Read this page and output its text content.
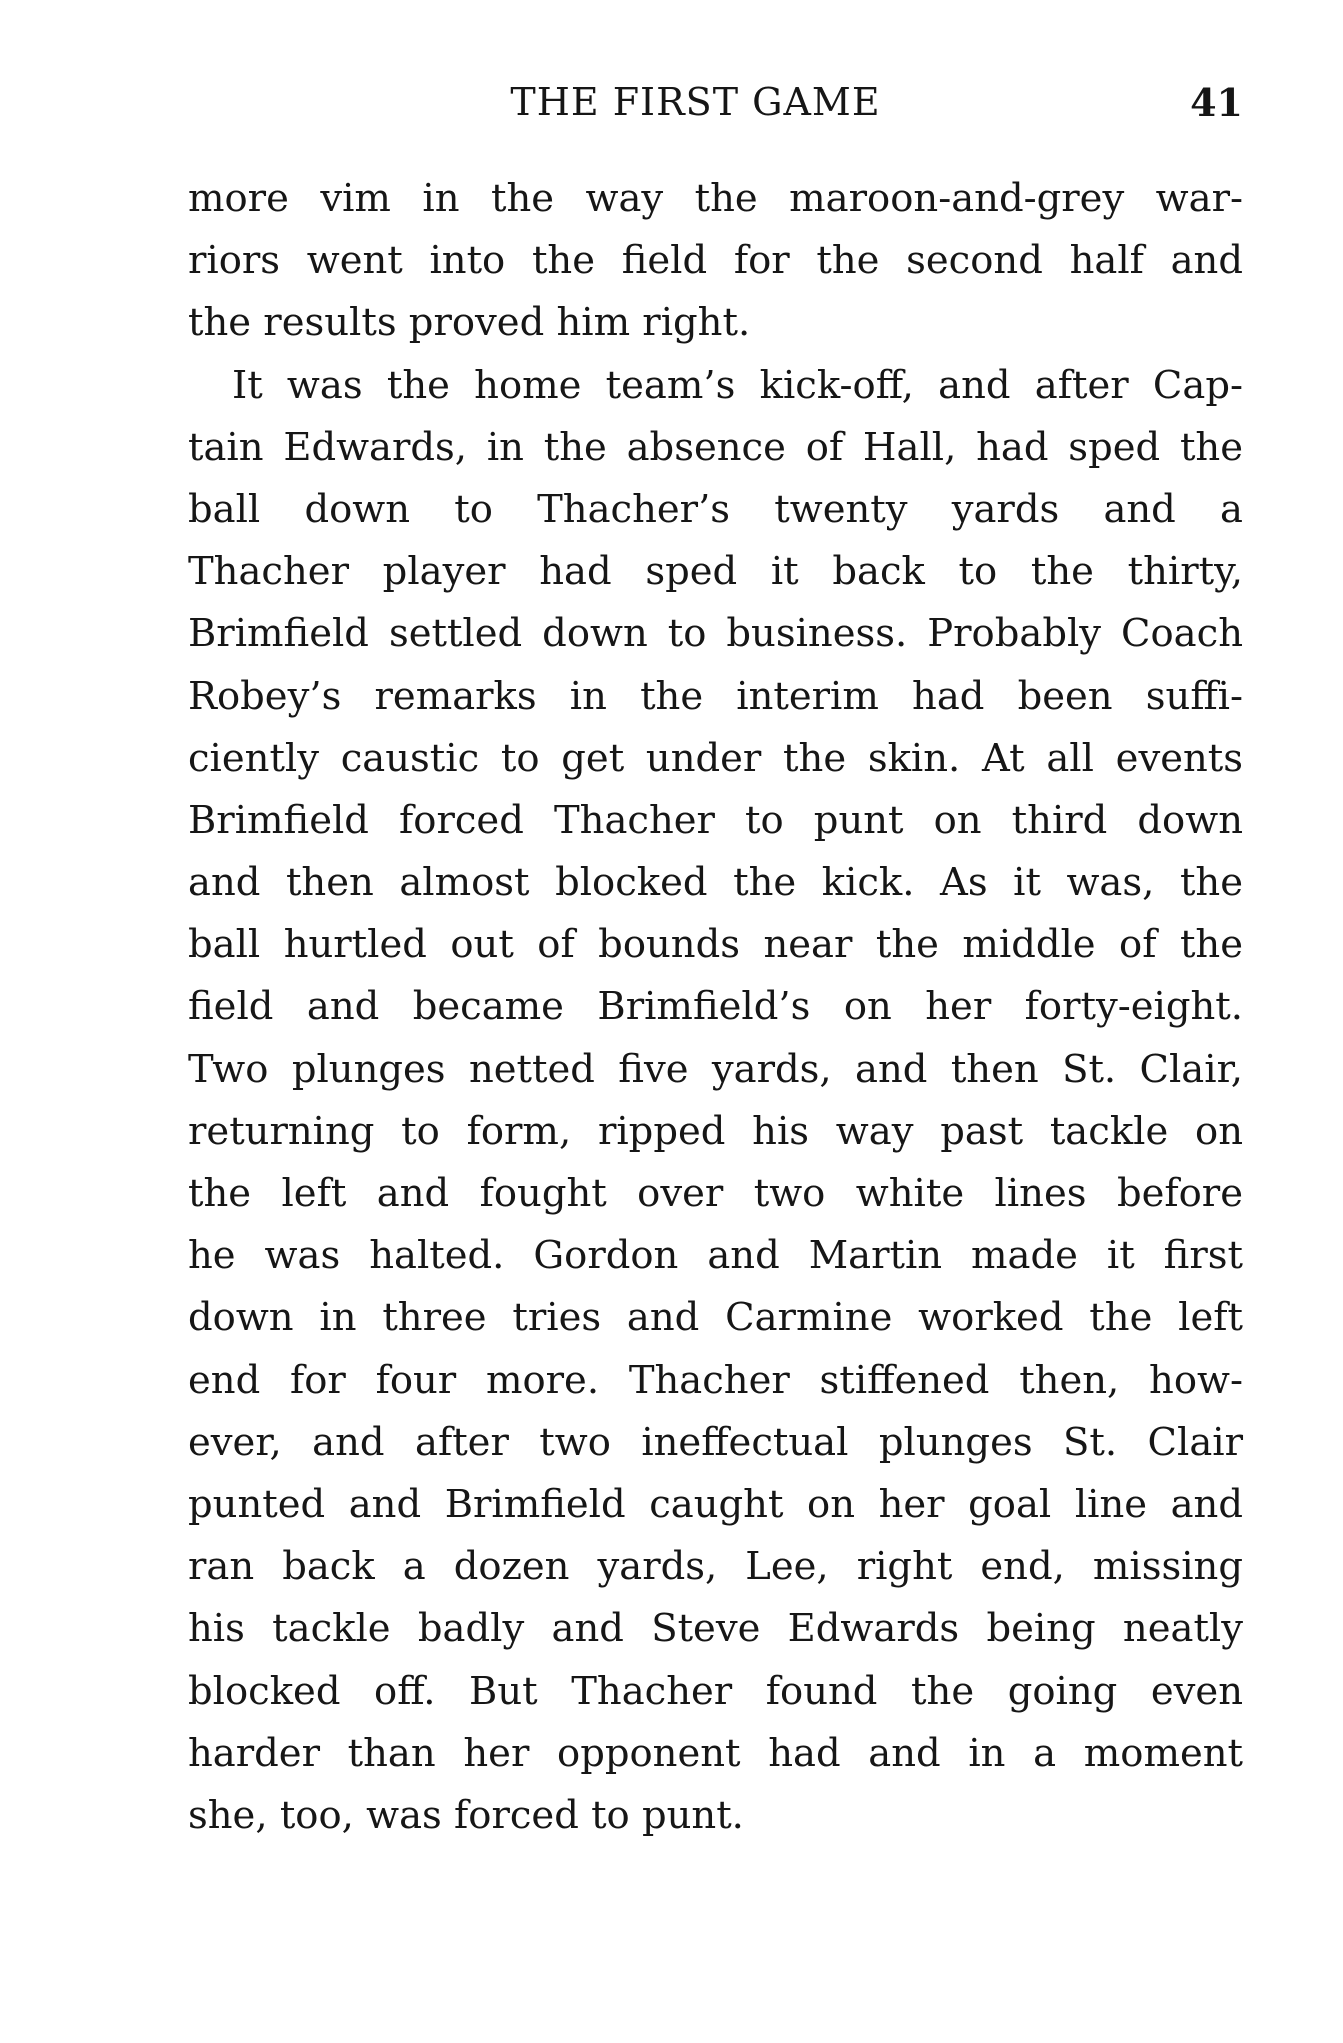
THE FIRST GAME	41
more vim in the way the maroon-and-grey war-
riors went into the field for the second half and
the results proved him right.
It was the home team’s kick-off, and after Cap-
tain Edwards, in the absence of Hall, had sped the
ball down to Thacher’s twenty yards and a
Thacher player had sped it back to the thirty,
Brimfield settled down to business. Probably Coach
Robey’s remarks in the interim had been suffi-
ciently caustic to get under the skin. At all events
Brimfield forced Thacher to punt on third down
and then almost blocked the kick. As it was, the
ball hurtled out of bounds near the middle of the
field and became Brimfield’s on her forty-eight.
Two plunges netted five yards, and then St. Clair,
returning to form, ripped his way past tackle on
the left and fought over two white lines before
he was halted. Gordon and Martin made it first
down in three tries and Carmine worked the left
end for four more. Thacher stiffened then, how-
ever, and after two ineffectual plunges St. Clair
punted and Brimfield caught on her goal line and
ran back a dozen yards, Lee, right end, missing
his tackle badly and Steve Edwards being neatly
blocked off. But Thacher found the going even
harder than her opponent had and in a moment
she, too, was forced to punt.
